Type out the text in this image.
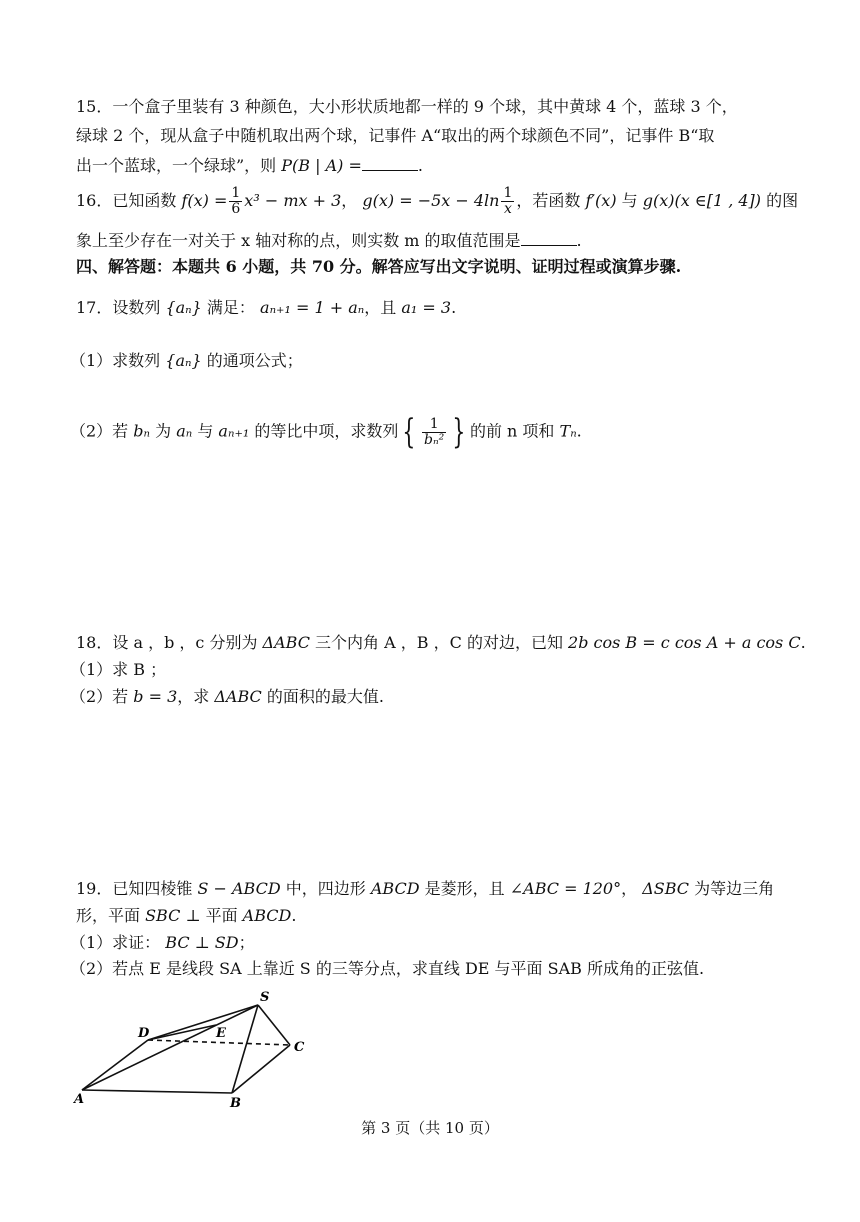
15．一个盒子里装有 3 种颜色，大小形状质地都一样的 9 个球，其中黄球 4 个，蓝球 3 个，
绿球 2 个，现从盒子中随机取出两个球，记事件 A“取出的两个球颜色不同”，记事件 B“取
出一个蓝球，一个绿球”，则 P(B | A) =	.
16．已知函数 $f(x) = \frac{1}{6} x^3$ − mx + 3， $g(x) = -5x - 4\ln \frac{1}{x}$ ，若函数 f′(x) 与 g(x)(x ∈[1 , 4]) 的图
象上至少存在一对关于 x 轴对称的点，则实数 m 的取值范围是	.
四、解答题：本题共 6 小题，共 70 分。解答应写出文字说明、证明过程或演算步骤.
17．设数列 {aₙ} 满足： aₙ₊₁ = 1 + aₙ，且 a₁ = 3.
（1）求数列 {aₙ} 的通项公式；
（2）若 bₙ 为 aₙ 与 aₙ₊₁ 的等比中项，求数列 { $\frac{1}{\text{bₙ²}}$ } 的前 n 项和 Tₙ.
18．设 a ，b ，c 分别为 ΔABC 三个内角 A ，B ，C 的对边，已知 2b cos B = c cos A + a cos C.
（1）求 B ；
（2）若 b = 3，求 ΔABC 的面积的最大值.
19．已知四棱锥 S − ABCD 中，四边形 ABCD 是菱形，且 ∠ABC = 120°， ΔSBC 为等边三角
形，平面 SBC ⊥ 平面 ABCD.
（1）求证： BC ⊥ SD；
（2）若点 E 是线段 SA 上靠近 S 的三等分点，求直线 DE 与平面 SAB 所成角的正弦值.
S
D	E
C
A	B
第 3 页（共 10 页）
